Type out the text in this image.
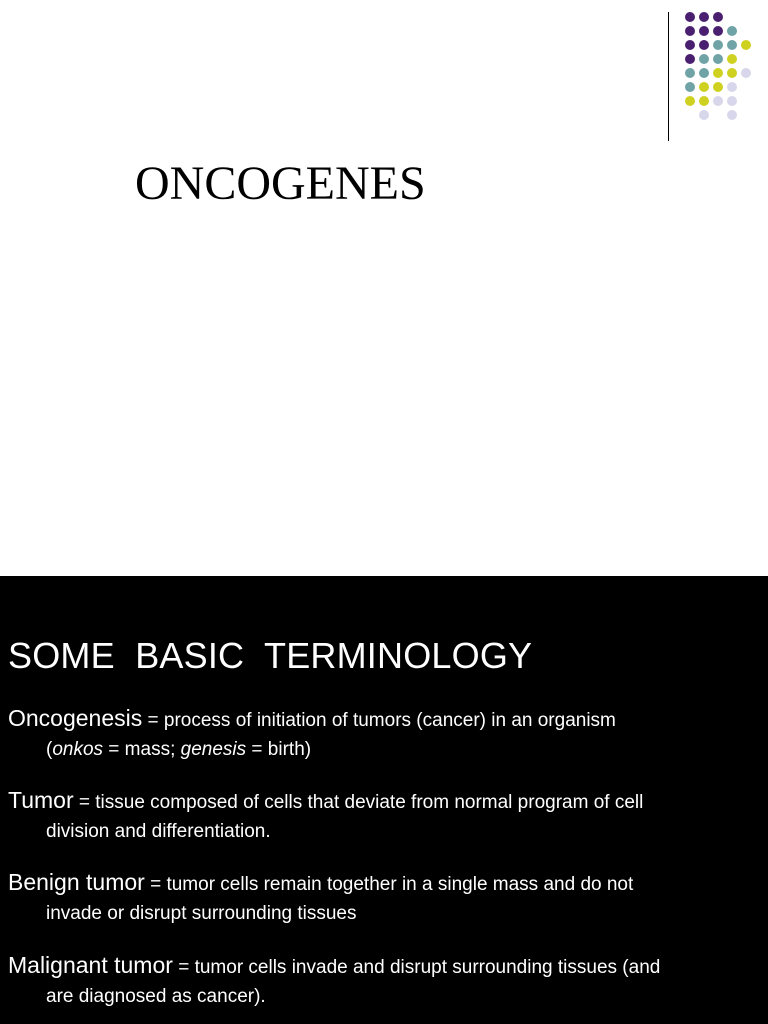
ONCOGENES
SOME  BASIC  TERMINOLOGY
Oncogenesis = process of initiation of tumors (cancer) in an organism
(onkos = mass; genesis = birth)
Tumor = tissue composed of cells that deviate from normal program of cell
division and differentiation.
Benign tumor = tumor cells remain together in a single mass and do not
invade or disrupt surrounding tissues
Malignant tumor = tumor cells invade and disrupt surrounding tissues (and
are diagnosed as cancer).
